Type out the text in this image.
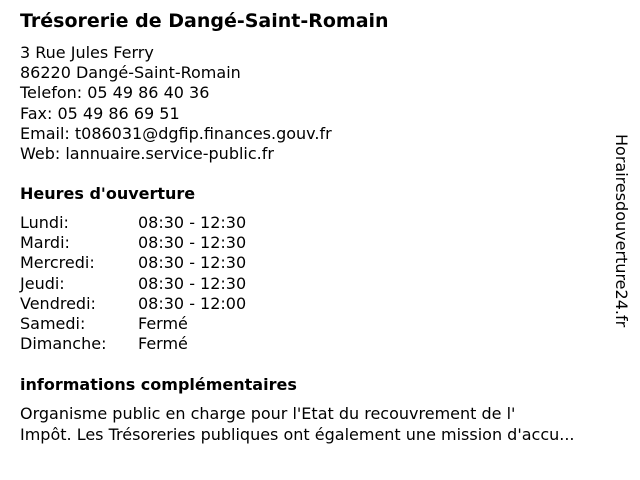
Trésorerie de Dangé-Saint-Romain
3 Rue Jules Ferry
86220 Dangé-Saint-Romain
Telefon: 05 49 86 40 36
Fax: 05 49 86 69 51
Email: t086031@dgfip.finances.gouv.fr
Web: lannuaire.service-public.fr
Heures d'ouverture
Lundi:	08:30 - 12:30
Mardi:	08:30 - 12:30
Mercredi:	08:30 - 12:30
Jeudi:	08:30 - 12:30
Vendredi:	08:30 - 12:00
Samedi:	Fermé
Dimanche:	Fermé
informations complémentaires
Organisme public en charge pour l'Etat du recouvrement de l'
Impôt. Les Trésoreries publiques ont également une mission d'accu...
Horairesdouverture24.fr
